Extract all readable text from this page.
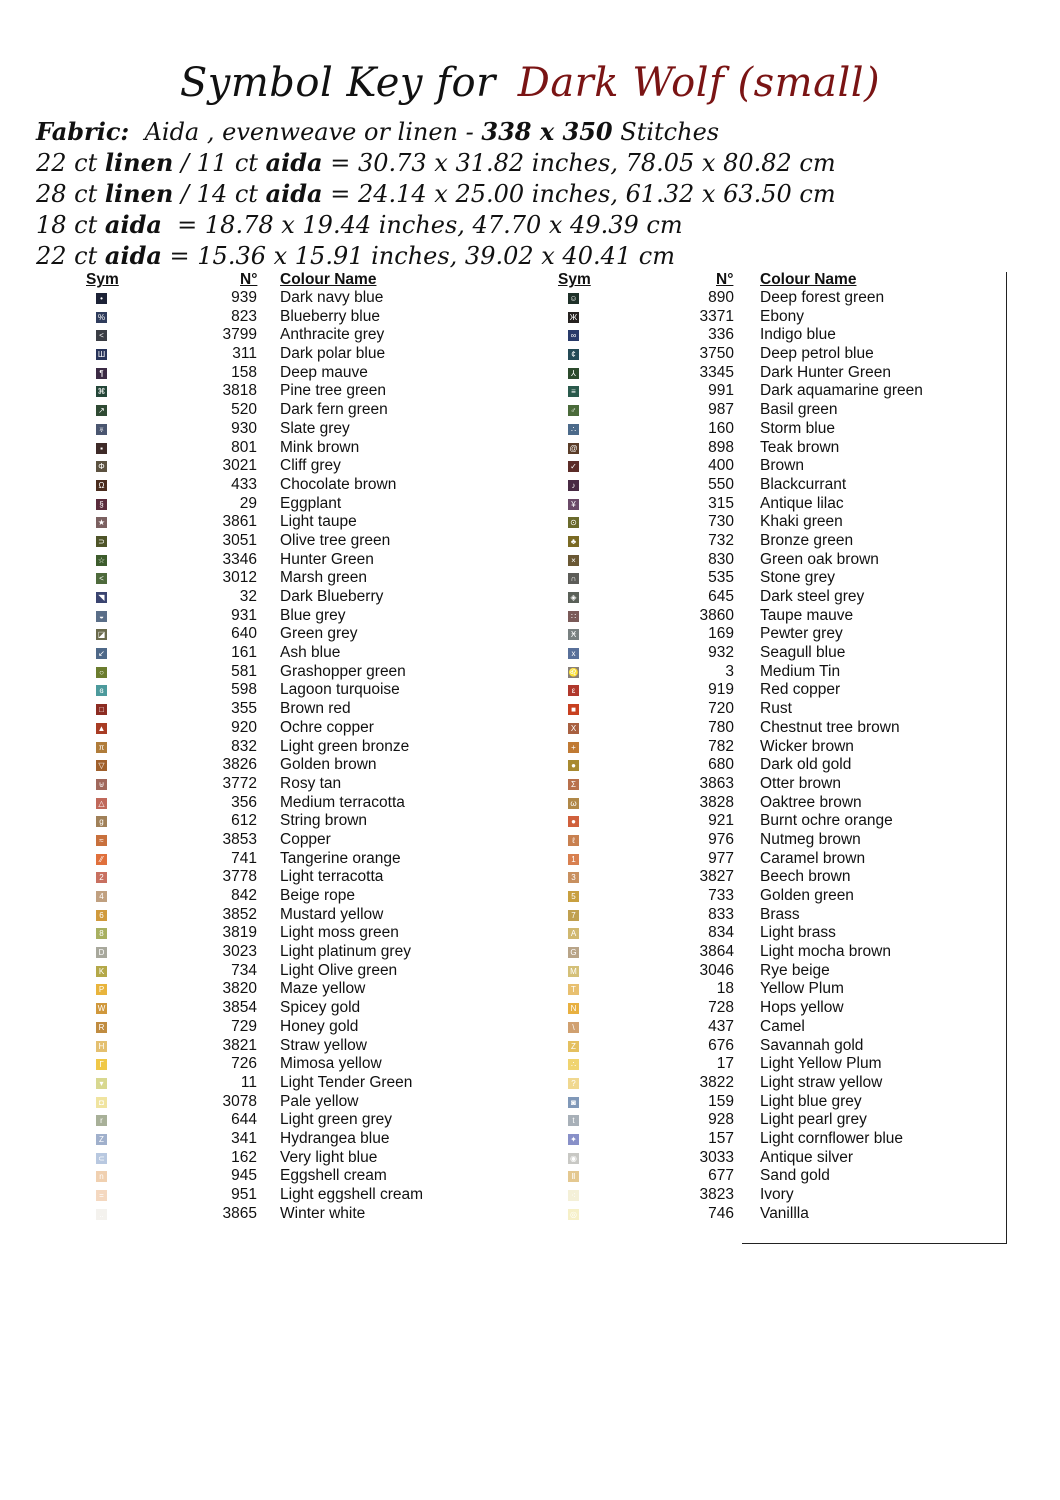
Symbol Key for Dark Wolf (small)
Fabric: Aida , evenweave or linen - 338 x 350 Stitches
22 ct linen / 11 ct aida = 30.73 x 31.82 inches, 78.05 x 80.82 cm
28 ct linen / 14 ct aida = 24.14 x 25.00 inches, 61.32 x 63.50 cm
18 ct aida = 18.78 x 19.44 inches, 47.70 x 49.39 cm
22 ct aida = 15.36 x 15.91 inches, 39.02 x 40.41 cm
Sym	N° Colour Name
•	939 Dark navy blue
%	823 Blueberry blue
<	3799 Anthracite grey
Ш	311 Dark polar blue
¶	158 Deep mauve
⌘	3818 Pine tree green
↗	520 Dark fern green
♅	930 Slate grey
▪	801 Mink brown
Φ	3021 Cliff grey
Ω	433 Chocolate brown
§	29 Eggplant
★	3861 Light taupe
⊃	3051 Olive tree green
☆	3346 Hunter Green
<	3012 Marsh green
◥	32 Dark Blueberry
◒	931 Blue grey
◪	640 Green grey
↙	161 Ash blue
○	581 Grashopper green
ɞ	598 Lagoon turquoise
□	355 Brown red
▲	920 Ochre copper
π	832 Light green bronze
▽	3826 Golden brown
⊎	3772 Rosy tan
△	356 Medium terracotta
g	612 String brown
≈	3853 Copper
⁄⁄	741 Tangerine orange
2	3778 Light terracotta
4	842 Beige rope
6	3852 Mustard yellow
8	3819 Light moss green
D	3023 Light platinum grey
K	734 Light Olive green
P	3820 Maze yellow
W	3854 Spicey gold
R	729 Honey gold
H	3821 Straw yellow
Г	726 Mimosa yellow
▾	11 Light Tender Green
◘	3078 Pale yellow
r	644 Light green grey
Z	341 Hydrangea blue
⊂	162 Very light blue
n	945 Eggshell cream
=	951 Light eggshell cream
..	3865 Winter white
Sym	N° Colour Name
☺	890 Deep forest green
Ж	3371 Ebony
∞	336 Indigo blue
¢	3750 Deep petrol blue
⅄	3345 Dark Hunter Green
≡	991 Dark aquamarine green
♂	987 Basil green
∴	160 Storm blue
@	898 Teak brown
✓	400 Brown
♪	550 Blackcurrant
¥	315 Antique lilac
⊙	730 Khaki green
♣	732 Bronze green
×	830 Green oak brown
∩	535 Stone grey
◈	645 Dark steel grey
∷	3860 Taupe mauve
Ӿ	169 Pewter grey
x	932 Seagull blue
♌	3 Medium Tin
ε	919 Red copper
■	720 Rust
Χ	780 Chestnut tree brown
+	782 Wicker brown
●	680 Dark old gold
Σ	3863 Otter brown
ω	3828 Oaktree brown
●	921 Burnt ochre orange
ℓ	976 Nutmeg brown
1	977 Caramel brown
3	3827 Beech brown
5	733 Golden green
7	833 Brass
A	834 Light brass
G	3864 Light mocha brown
M	3046 Rye beige
T	18 Yellow Plum
N	728 Hops yellow
\	437 Camel
Z	676 Savannah gold
∴	17 Light Yellow Plum
?	3822 Light straw yellow
◙	159 Light blue grey
t	928 Light pearl grey
✦	157 Light cornflower blue
◉	3033 Antique silver
Ⅱ	677 Sand gold
⁖	3823 Ivory
◎	746 Vanillla
